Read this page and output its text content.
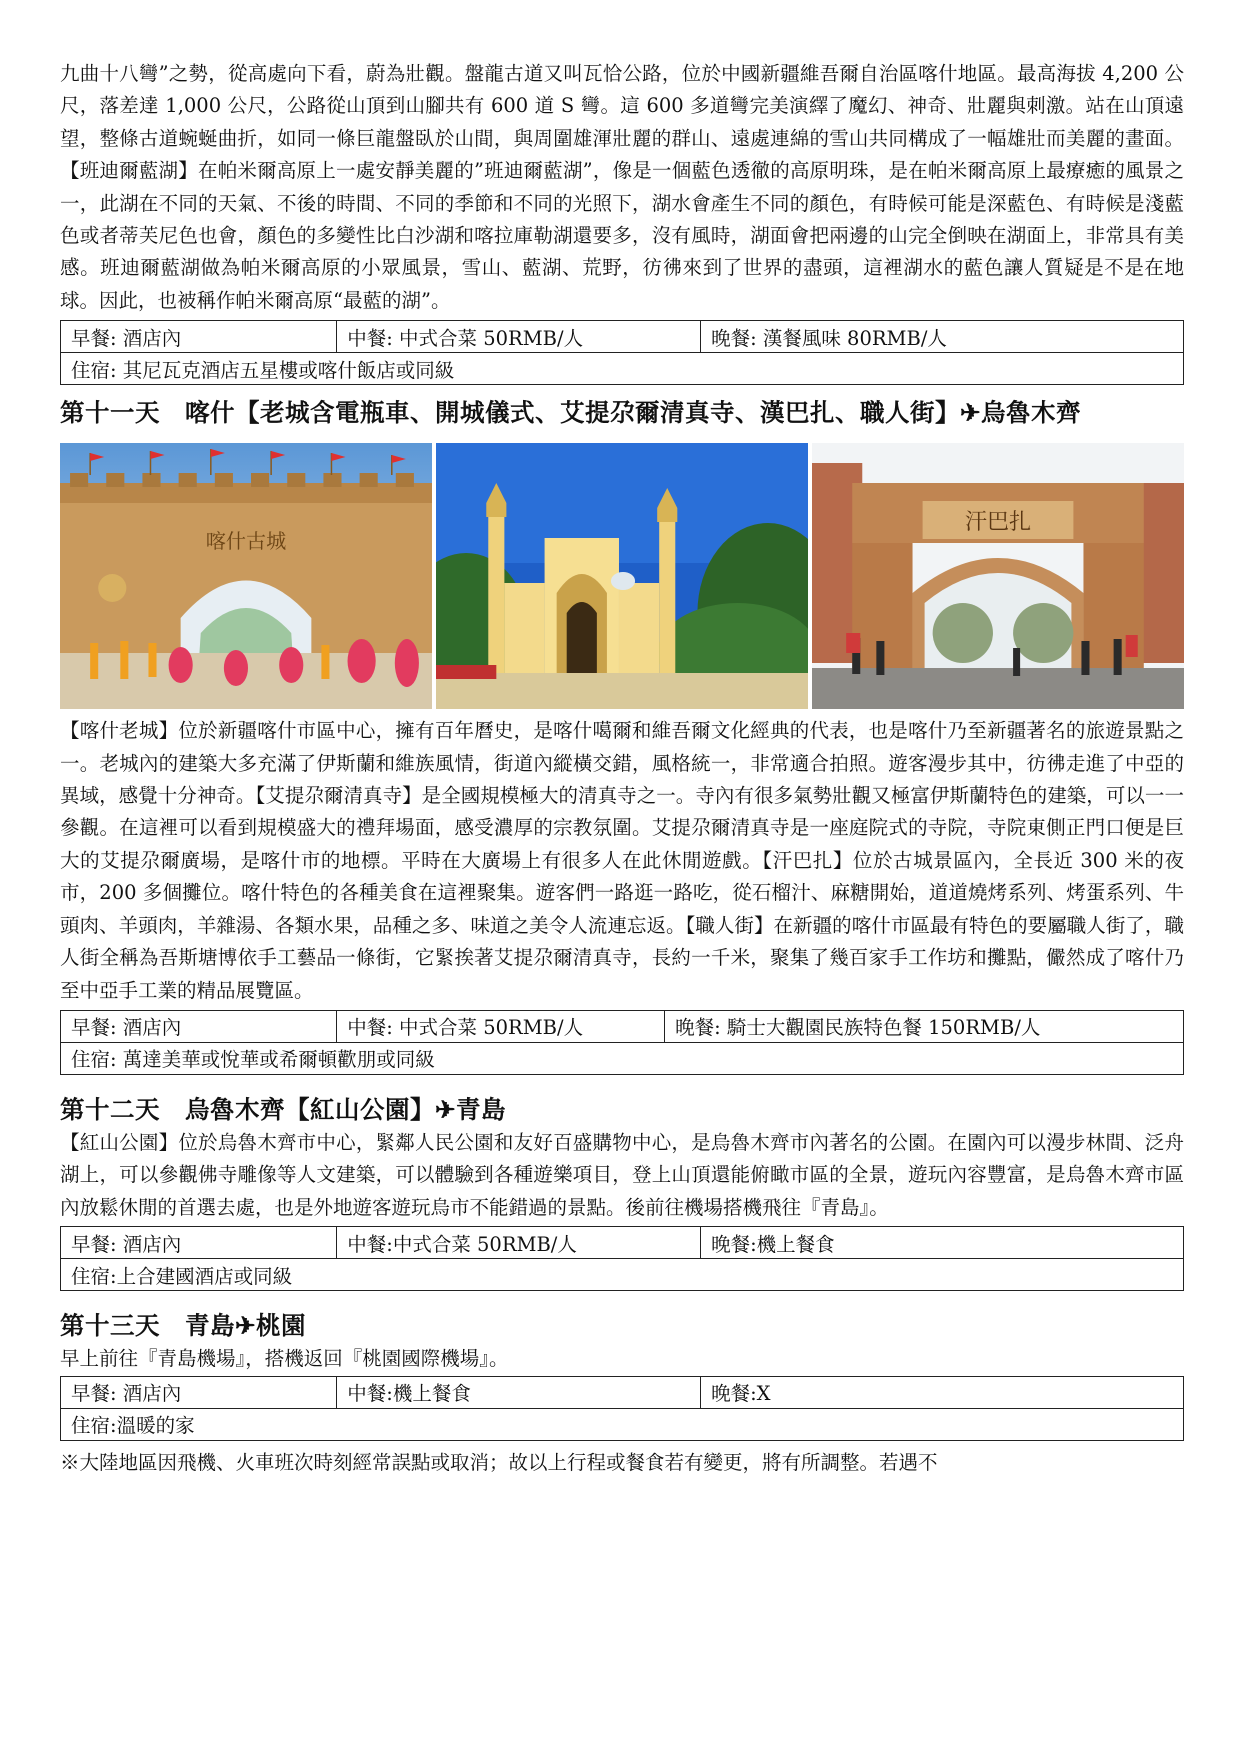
九曲十八彎”之勢，從高處向下看，蔚為壯觀。盤龍古道又叫瓦恰公路，位於中國新疆維吾爾自治區喀什地區。最高海拔 4,200 公尺，落差達 1,000 公尺，公路從山頂到山腳共有 600 道 S 彎。這 600 多道彎完美演繹了魔幻、神奇、壯麗與刺激。站在山頂遠望，整條古道蜿蜒曲折，如同一條巨龍盤臥於山間，與周圍雄渾壯麗的群山、遠處連綿的雪山共同構成了一幅雄壯而美麗的畫面。【班迪爾藍湖】在帕米爾高原上一處安靜美麗的”班迪爾藍湖”，像是一個藍色透徹的高原明珠，是在帕米爾高原上最療癒的風景之一，此湖在不同的天氣、不後的時間、不同的季節和不同的光照下，湖水會產生不同的顏色，有時候可能是深藍色、有時候是淺藍色或者蒂芙尼色也會，顏色的多變性比白沙湖和喀拉庫勒湖還要多，沒有風時，湖面會把兩邊的山完全倒映在湖面上，非常具有美感。班迪爾藍湖做為帕米爾高原的小眾風景，雪山、藍湖、荒野，彷彿來到了世界的盡頭，這裡湖水的藍色讓人質疑是不是在地球。因此，也被稱作帕米爾高原“最藍的湖”。

早餐: 酒店內	中餐: 中式合菜 50RMB/人	晚餐: 漢餐風味 80RMB/人
住宿: 其尼瓦克酒店五星樓或喀什飯店或同級
第十一天　喀什【老城含電瓶車、開城儀式、艾提尕爾清真寺、漢巴扎、職人街】✈烏魯木齊
喀什古城
汗巴扎

【喀什老城】位於新疆喀什市區中心，擁有百年曆史，是喀什噶爾和維吾爾文化經典的代表，也是喀什乃至新疆著名的旅遊景點之一。老城內的建築大多充滿了伊斯蘭和維族風情，街道內縱橫交錯，風格統一，非常適合拍照。遊客漫步其中，彷彿走進了中亞的異域，感覺十分神奇。【艾提尕爾清真寺】是全國規模極大的清真寺之一。寺內有很多氣勢壯觀又極富伊斯蘭特色的建築，可以一一參觀。在這裡可以看到規模盛大的禮拜場面，感受濃厚的宗教氛圍。艾提尕爾清真寺是一座庭院式的寺院，寺院東側正門口便是巨大的艾提尕爾廣場，是喀什市的地標。平時在大廣場上有很多人在此休閒遊戲。【汗巴扎】位於古城景區內，全長近 300 米的夜市，200 多個攤位。喀什特色的各種美食在這裡聚集。遊客們一路逛一路吃，從石榴汁、麻糖開始，道道燒烤系列、烤蛋系列、牛頭肉、羊頭肉，羊雜湯、各類水果，品種之多、味道之美令人流連忘返。【職人街】在新疆的喀什市區最有特色的要屬職人街了，職人街全稱為吾斯塘博依手工藝品一條街，它緊挨著艾提尕爾清真寺，長約一千米，聚集了幾百家手工作坊和攤點，儼然成了喀什乃至中亞手工業的精品展覽區。

早餐: 酒店內	中餐: 中式合菜 50RMB/人	晚餐: 騎士大觀園民族特色餐 150RMB/人
住宿: 萬達美華或悅華或希爾頓歡朋或同級
第十二天　烏魯木齊【紅山公園】✈青島

【紅山公園】位於烏魯木齊市中心，緊鄰人民公園和友好百盛購物中心，是烏魯木齊市內著名的公園。在園內可以漫步林間、泛舟湖上，可以參觀佛寺雕像等人文建築，可以體驗到各種遊樂項目，登上山頂還能俯瞰市區的全景，遊玩內容豐富，是烏魯木齊市區內放鬆休閒的首選去處，也是外地遊客遊玩烏市不能錯過的景點。後前往機場搭機飛往『青島』。

早餐: 酒店內	中餐:中式合菜 50RMB/人	晚餐:機上餐食
住宿:上合建國酒店或同級
第十三天　青島✈桃園

早上前往『青島機場』，搭機返回『桃園國際機場』。

早餐: 酒店內	中餐:機上餐食	晚餐:X
住宿:溫暖的家

※大陸地區因飛機、火車班次時刻經常誤點或取消；故以上行程或餐食若有變更，將有所調整。若遇不
